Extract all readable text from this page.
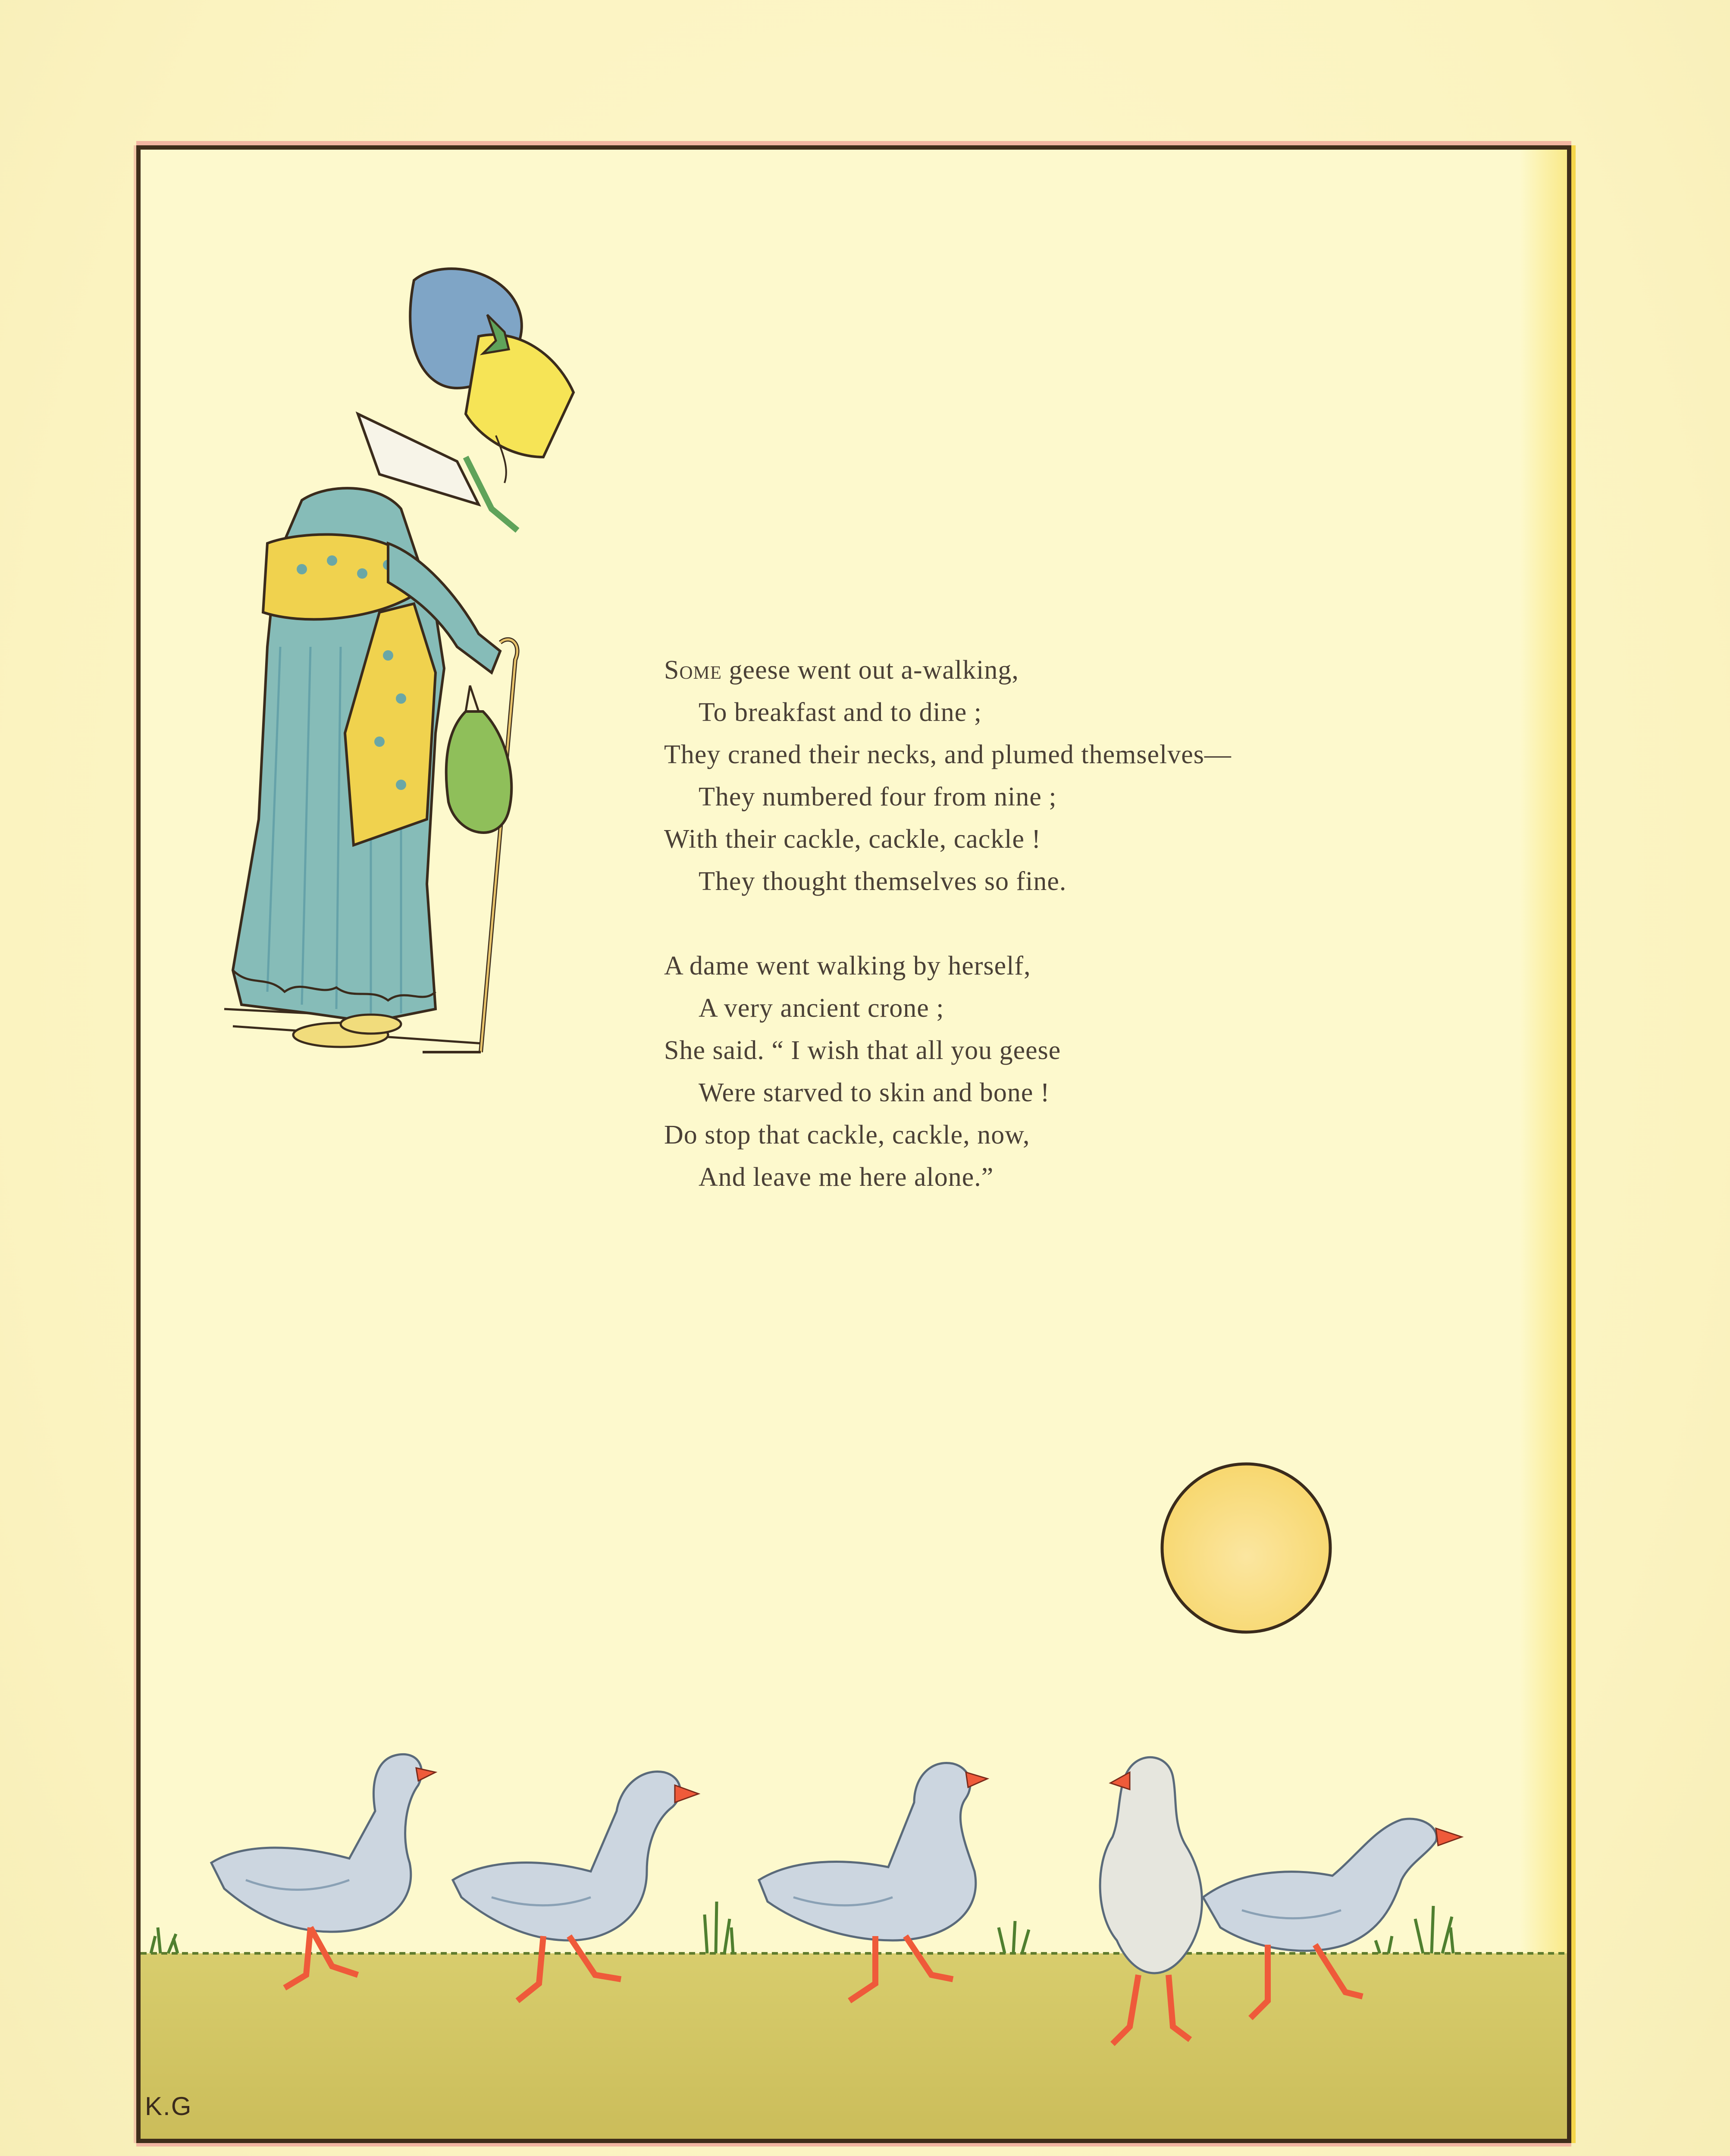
Some geese went out a-walking,
To breakfast and to dine ;
They craned their necks, and plumed themselves—
They numbered four from nine ;
With their cackle, cackle, cackle !
They thought themselves so fine.
A dame went walking by herself,
A very ancient crone ;
She said. “ I wish that all you geese
Were starved to skin and bone !
Do stop that cackle, cackle, now,
And leave me here alone.”
K.G
